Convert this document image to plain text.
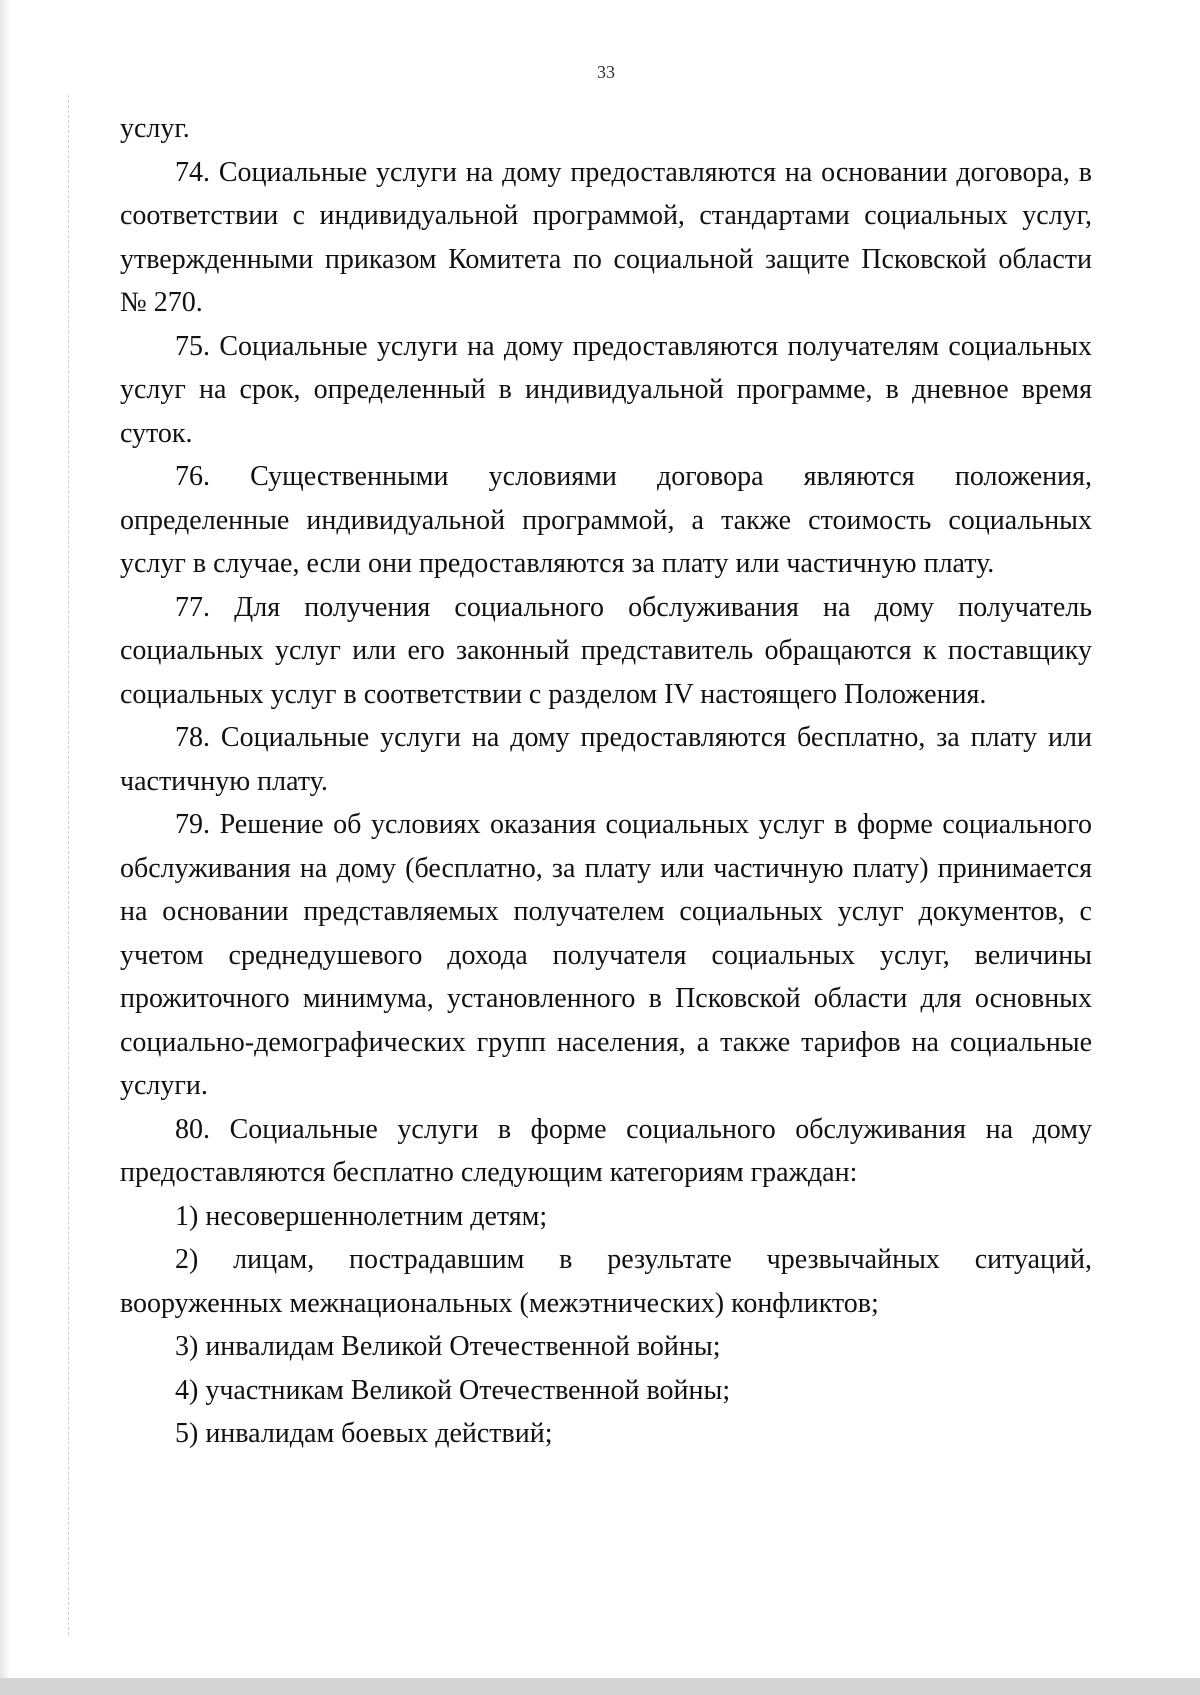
33

услуг.

74. Социальные услуги на дому предоставляются на основании договора, в соответствии с индивидуальной программой, стандартами социальных услуг, утвержденными приказом Комитета по социальной защите Псковской области № 270.

75. Социальные услуги на дому предоставляются получателям социальных услуг на срок, определенный в индивидуальной программе, в дневное время суток.

76. Существенными условиями договора являются положения, определенные индивидуальной программой, а также стоимость социальных услуг в случае, если они предоставляются за плату или частичную плату.

77. Для получения социального обслуживания на дому получатель социальных услуг или его законный представитель обращаются к поставщику социальных услуг в соответствии с разделом IV настоящего Положения.

78. Социальные услуги на дому предоставляются бесплатно, за плату или частичную плату.

79. Решение об условиях оказания социальных услуг в форме социального обслуживания на дому (бесплатно, за плату или частичную плату) принимается на основании представляемых получателем социальных услуг документов, с учетом среднедушевого дохода получателя социальных услуг, величины прожиточного минимума, установленного в Псковской области для основных социально-демографических групп населения, а также тарифов на социальные услуги.

80. Социальные услуги в форме социального обслуживания на дому предоставляются бесплатно следующим категориям граждан:

1) несовершеннолетним детям;

2) лицам, пострадавшим в результате чрезвычайных ситуаций, вооруженных межнациональных (межэтнических) конфликтов;

3) инвалидам Великой Отечественной войны;

4) участникам Великой Отечественной войны;

5) инвалидам боевых действий;
